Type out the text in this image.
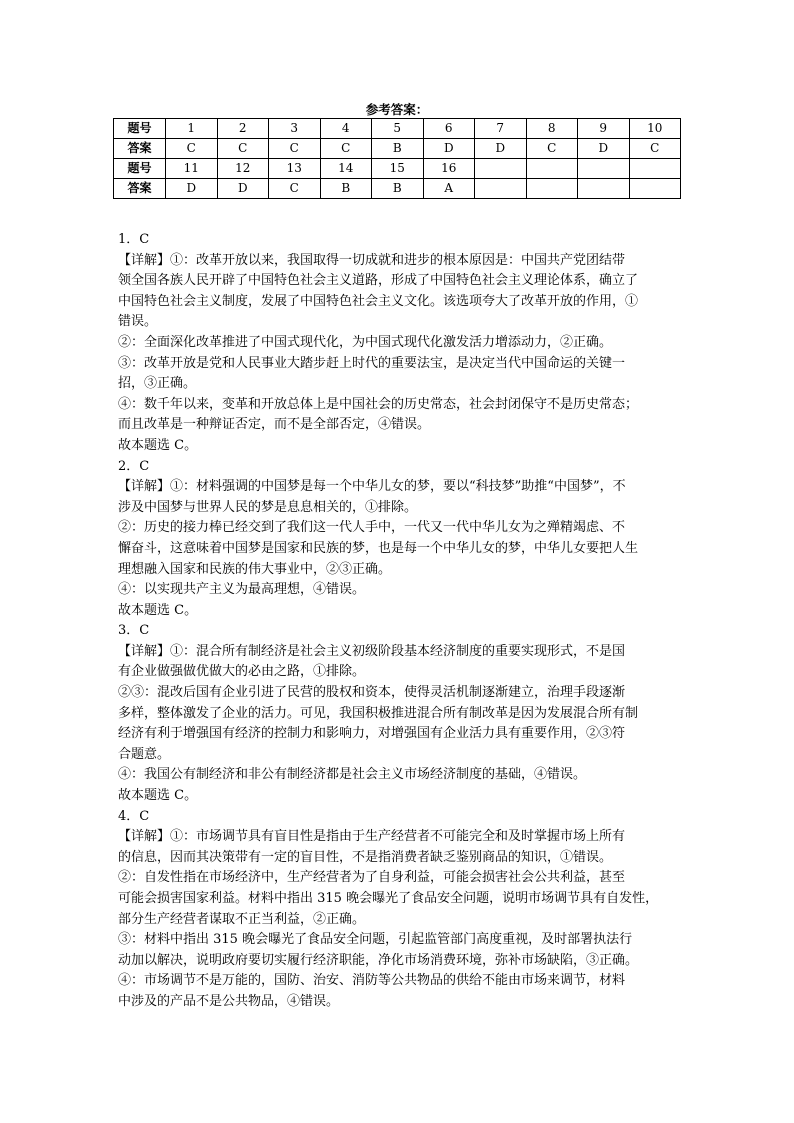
参考答案：
题号	1	2	3	4	5	6	7	8	9	10
答案	C	C	C	C	B	D	D	C	D	C
题号	11	12	13	14	15	16				
答案	D	D	C	B	B	A				

1．C

【详解】①：改革开放以来，我国取得一切成就和进步的根本原因是：中国共产党团结带

领全国各族人民开辟了中国特色社会主义道路，形成了中国特色社会主义理论体系，确立了

中国特色社会主义制度，发展了中国特色社会主义文化。该选项夸大了改革开放的作用，①

错误。

②：全面深化改革推进了中国式现代化，为中国式现代化激发活力增添动力，②正确。

③：改革开放是党和人民事业大踏步赶上时代的重要法宝，是决定当代中国命运的关键一

招，③正确。

④：数千年以来，变革和开放总体上是中国社会的历史常态，社会封闭保守不是历史常态；

而且改革是一种辩证否定，而不是全部否定，④错误。

故本题选 C。

2．C

【详解】①：材料强调的中国梦是每一个中华儿女的梦，要以“科技梦”助推“中国梦”，不

涉及中国梦与世界人民的梦是息息相关的，①排除。

②：历史的接力棒已经交到了我们这一代人手中，一代又一代中华儿女为之殚精竭虑、不

懈奋斗，这意味着中国梦是国家和民族的梦，也是每一个中华儿女的梦，中华儿女要把人生

理想融入国家和民族的伟大事业中，②③正确。

④：以实现共产主义为最高理想，④错误。

故本题选 C。

3．C

【详解】①：混合所有制经济是社会主义初级阶段基本经济制度的重要实现形式，不是国

有企业做强做优做大的必由之路，①排除。

②③：混改后国有企业引进了民营的股权和资本，使得灵活机制逐渐建立，治理手段逐渐

多样，整体激发了企业的活力。可见，我国积极推进混合所有制改革是因为发展混合所有制

经济有利于增强国有经济的控制力和影响力，对增强国有企业活力具有重要作用，②③符

合题意。

④：我国公有制经济和非公有制经济都是社会主义市场经济制度的基础，④错误。

故本题选 C。

4．C

【详解】①：市场调节具有盲目性是指由于生产经营者不可能完全和及时掌握市场上所有

的信息，因而其决策带有一定的盲目性，不是指消费者缺乏鉴别商品的知识，①错误。

②：自发性指在市场经济中，生产经营者为了自身利益，可能会损害社会公共利益，甚至

可能会损害国家利益。材料中指出 315 晚会曝光了食品安全问题，说明市场调节具有自发性，

部分生产经营者谋取不正当利益，②正确。

③：材料中指出 315 晚会曝光了食品安全问题，引起监管部门高度重视，及时部署执法行

动加以解决，说明政府要切实履行经济职能，净化市场消费环境，弥补市场缺陷，③正确。

④：市场调节不是万能的，国防、治安、消防等公共物品的供给不能由市场来调节，材料

中涉及的产品不是公共物品，④错误。
